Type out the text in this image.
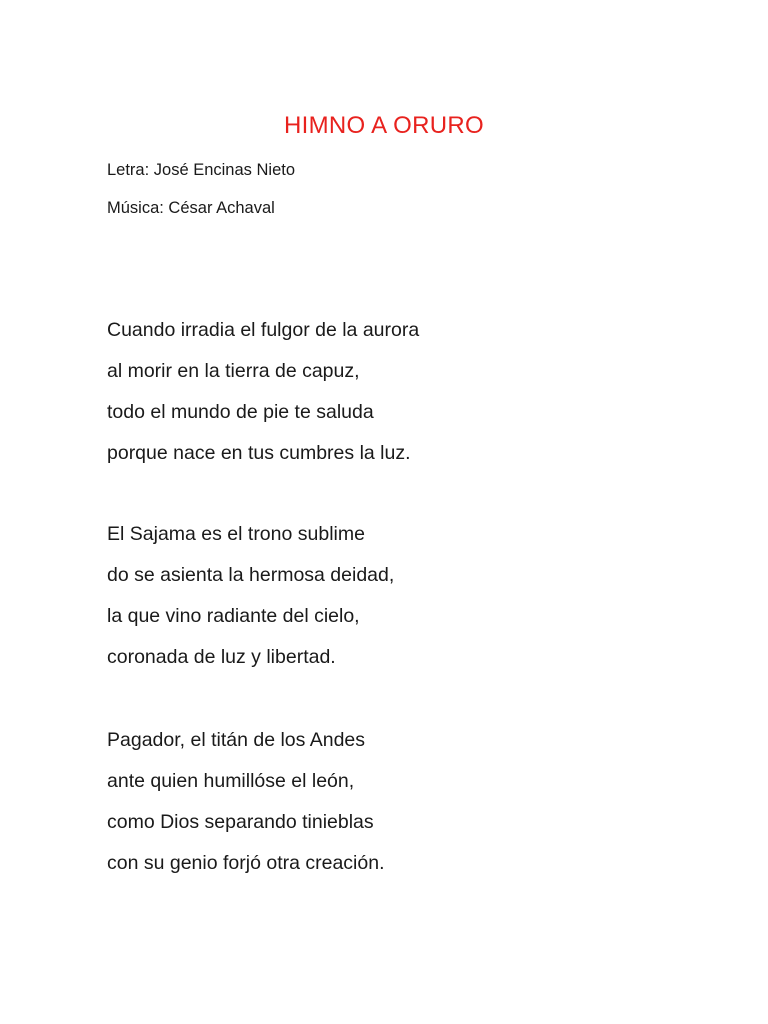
HIMNO A ORURO

Letra: José Encinas Nieto

Música: César Achaval

Cuando irradia el fulgor de la aurora
al morir en la tierra de capuz,
todo el mundo de pie te saluda
porque nace en tus cumbres la luz.
El Sajama es el trono sublime
do se asienta la hermosa deidad,
la que vino radiante del cielo,
coronada de luz y libertad.
Pagador, el titán de los Andes
ante quien humillóse el león,
como Dios separando tinieblas
con su genio forjó otra creación.
